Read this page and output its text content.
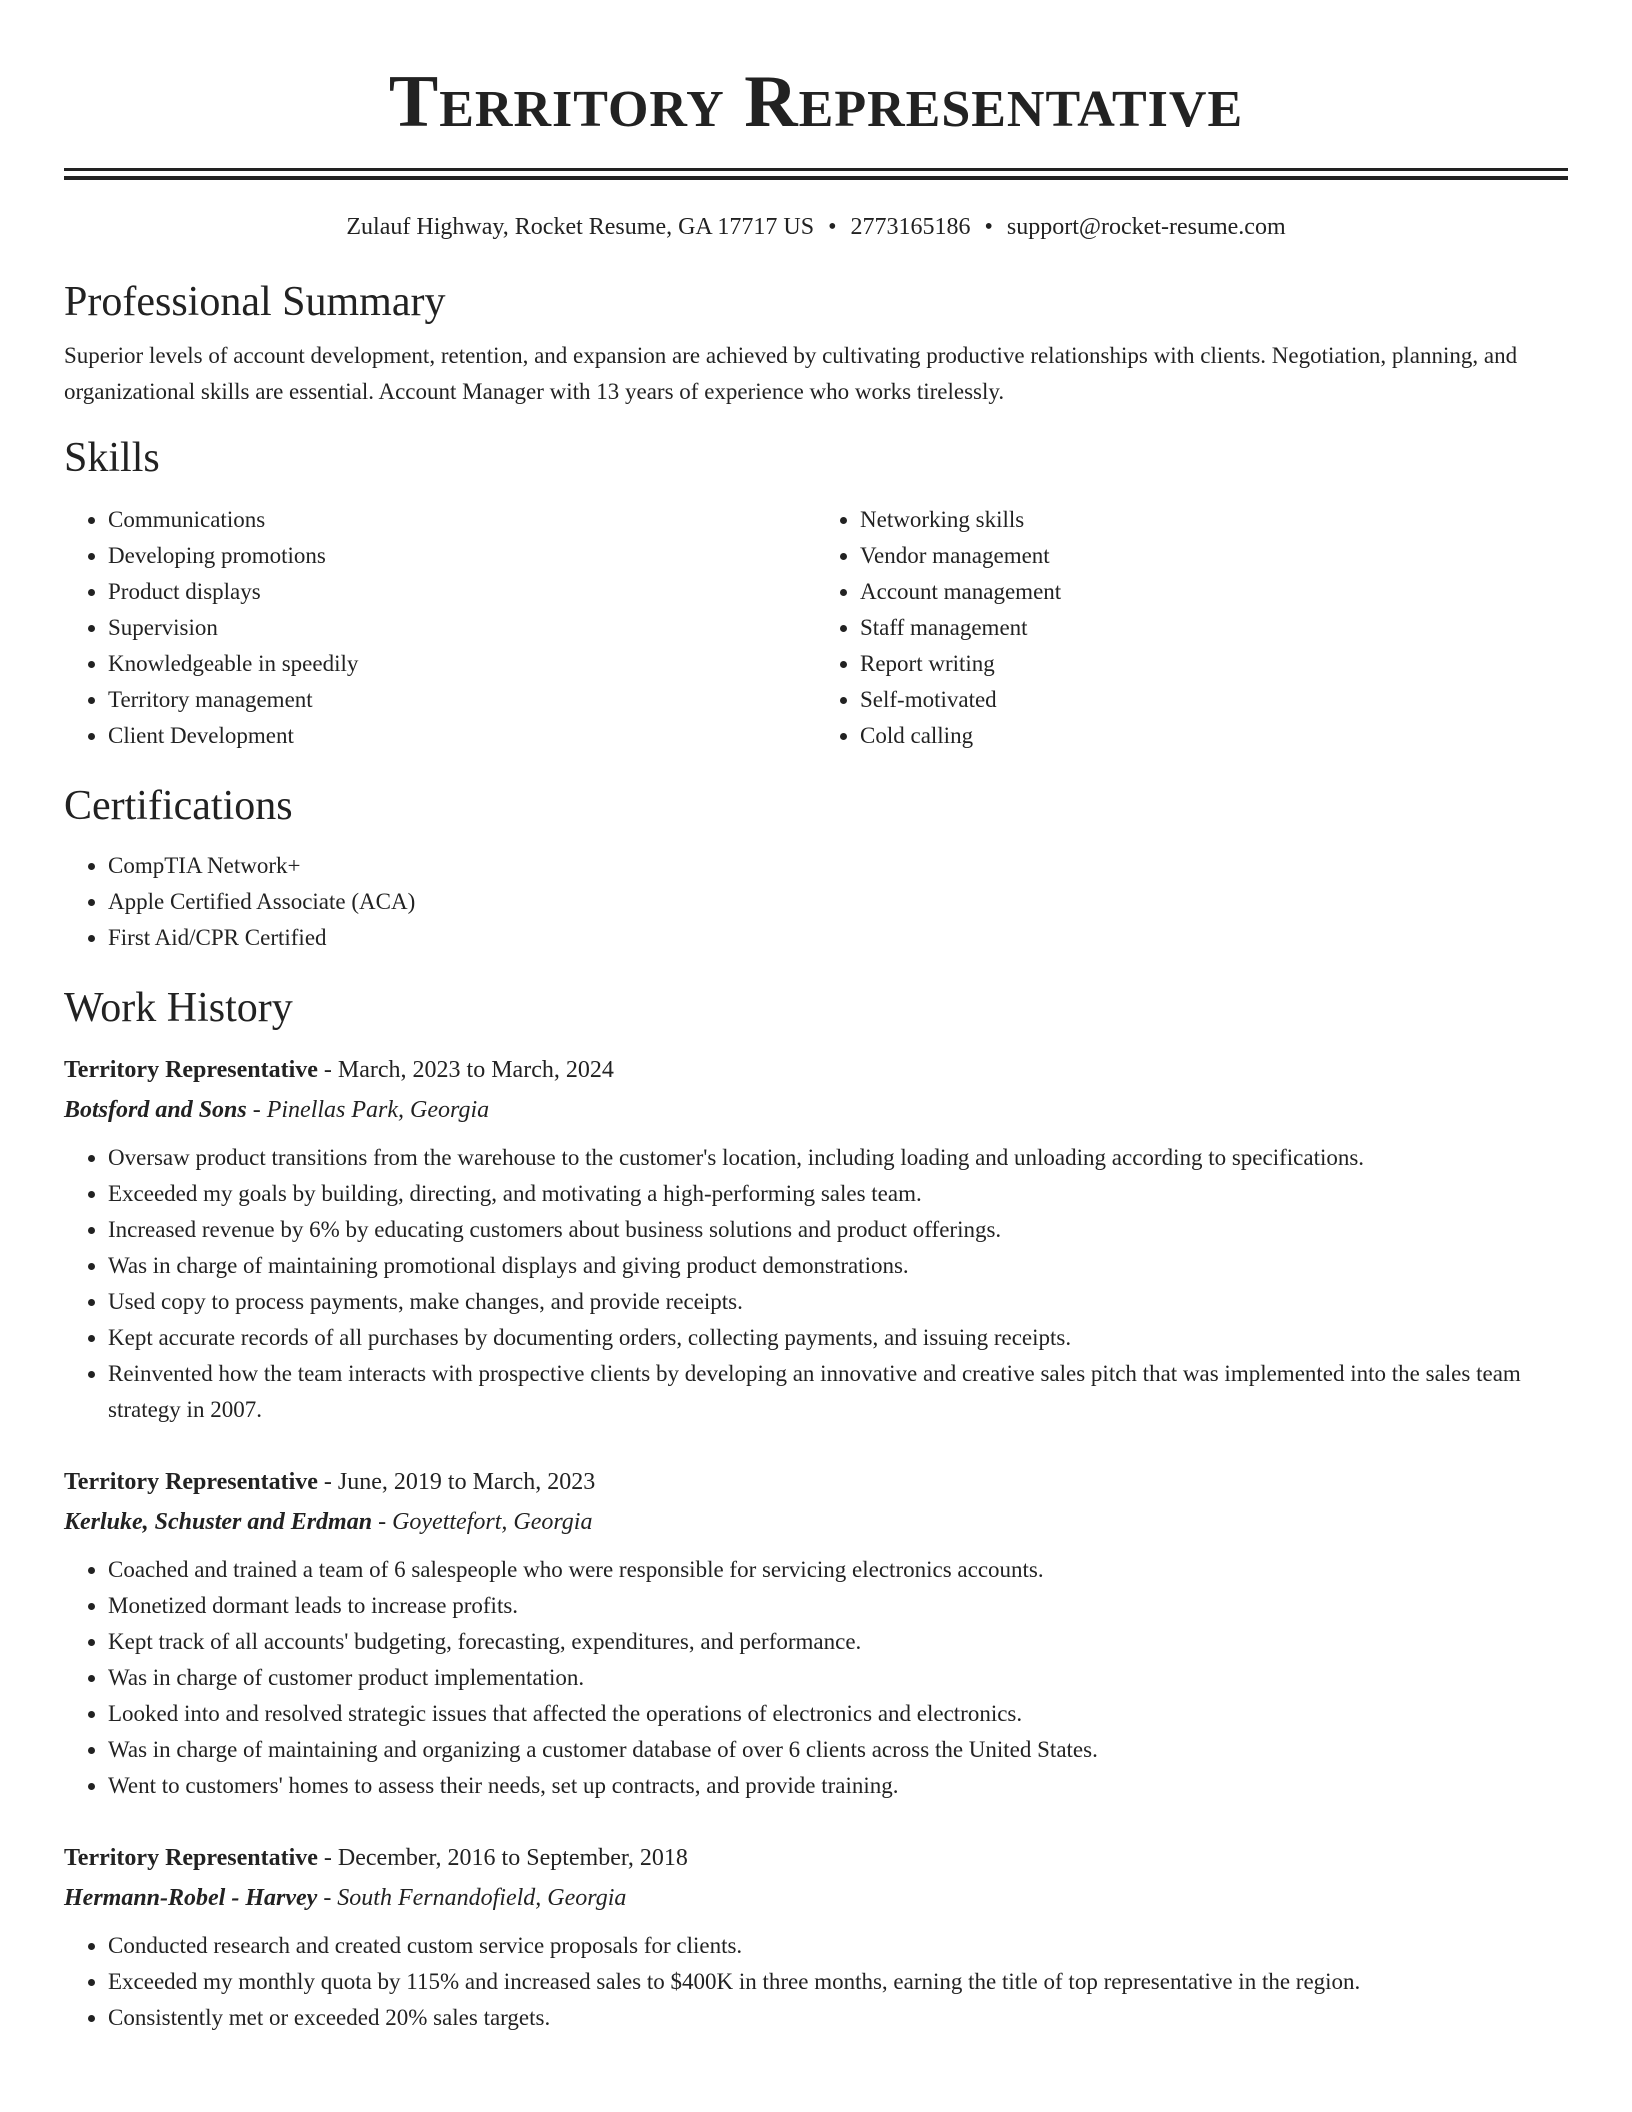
Territory Representative
Zulauf Highway, Rocket Resume, GA 17717 US • 2773165186 • support@rocket-resume.com
Professional Summary
Superior levels of account development, retention, and expansion are achieved by cultivating productive relationships with clients. Negotiation, planning, and organizational skills are essential. Account Manager with 13 years of experience who works tirelessly.
Skills
• Communications
• Developing promotions
• Product displays
• Supervision
• Knowledgeable in speedily
• Territory management
• Client Development
• Networking skills
• Vendor management
• Account management
• Staff management
• Report writing
• Self-motivated
• Cold calling
Certifications
• CompTIA Network+
• Apple Certified Associate (ACA)
• First Aid/CPR Certified
Work History
Territory Representative - March, 2023 to March, 2024
Botsford and Sons - Pinellas Park, Georgia
• Oversaw product transitions from the warehouse to the customer's location, including loading and unloading according to specifications.
• Exceeded my goals by building, directing, and motivating a high-performing sales team.
• Increased revenue by 6% by educating customers about business solutions and product offerings.
• Was in charge of maintaining promotional displays and giving product demonstrations.
• Used copy to process payments, make changes, and provide receipts.
• Kept accurate records of all purchases by documenting orders, collecting payments, and issuing receipts.
• Reinvented how the team interacts with prospective clients by developing an innovative and creative sales pitch that was implemented into the sales team strategy in 2007.
Territory Representative - June, 2019 to March, 2023
Kerluke, Schuster and Erdman - Goyettefort, Georgia
• Coached and trained a team of 6 salespeople who were responsible for servicing electronics accounts.
• Monetized dormant leads to increase profits.
• Kept track of all accounts' budgeting, forecasting, expenditures, and performance.
• Was in charge of customer product implementation.
• Looked into and resolved strategic issues that affected the operations of electronics and electronics.
• Was in charge of maintaining and organizing a customer database of over 6 clients across the United States.
• Went to customers' homes to assess their needs, set up contracts, and provide training.
Territory Representative - December, 2016 to September, 2018
Hermann-Robel - Harvey - South Fernandofield, Georgia
• Conducted research and created custom service proposals for clients.
• Exceeded my monthly quota by 115% and increased sales to $400K in three months, earning the title of top representative in the region.
• Consistently met or exceeded 20% sales targets.
